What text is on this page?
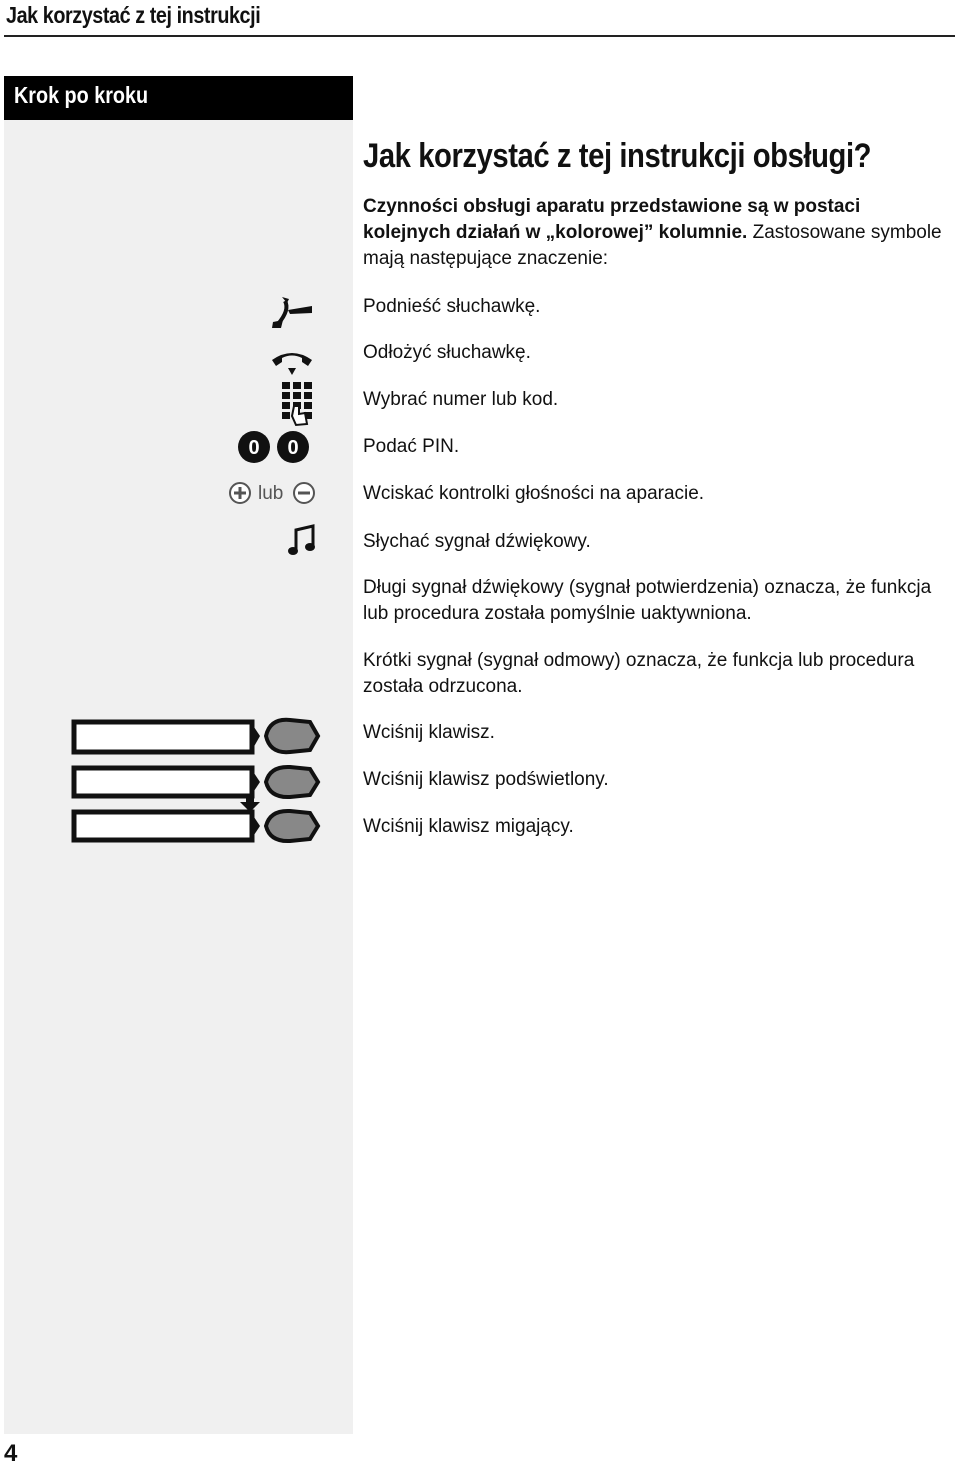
Jak korzystać z tej instrukcji
Krok po kroku
Jak korzystać z tej instrukcji obsługi?
Czynności obsługi aparatu przedstawione są w postaci kolejnych działań w „kolorowej” kolumnie. Zastosowane symbole mają następujące znaczenie:
0 0
lub
Podnieść słuchawkę.
Odłożyć słuchawkę.
Wybrać numer lub kod.
Podać PIN.
Wciskać kontrolki głośności na aparacie.
Słychać sygnał dźwiękowy.
Długi sygnał dźwiękowy (sygnał potwierdzenia) oznacza, że funkcja lub procedura została pomyślnie uaktywniona.
Krótki sygnał (sygnał odmowy) oznacza, że funkcja lub procedura została odrzucona.
Wciśnij klawisz.
Wciśnij klawisz podświetlony.
Wciśnij klawisz migający.
4
